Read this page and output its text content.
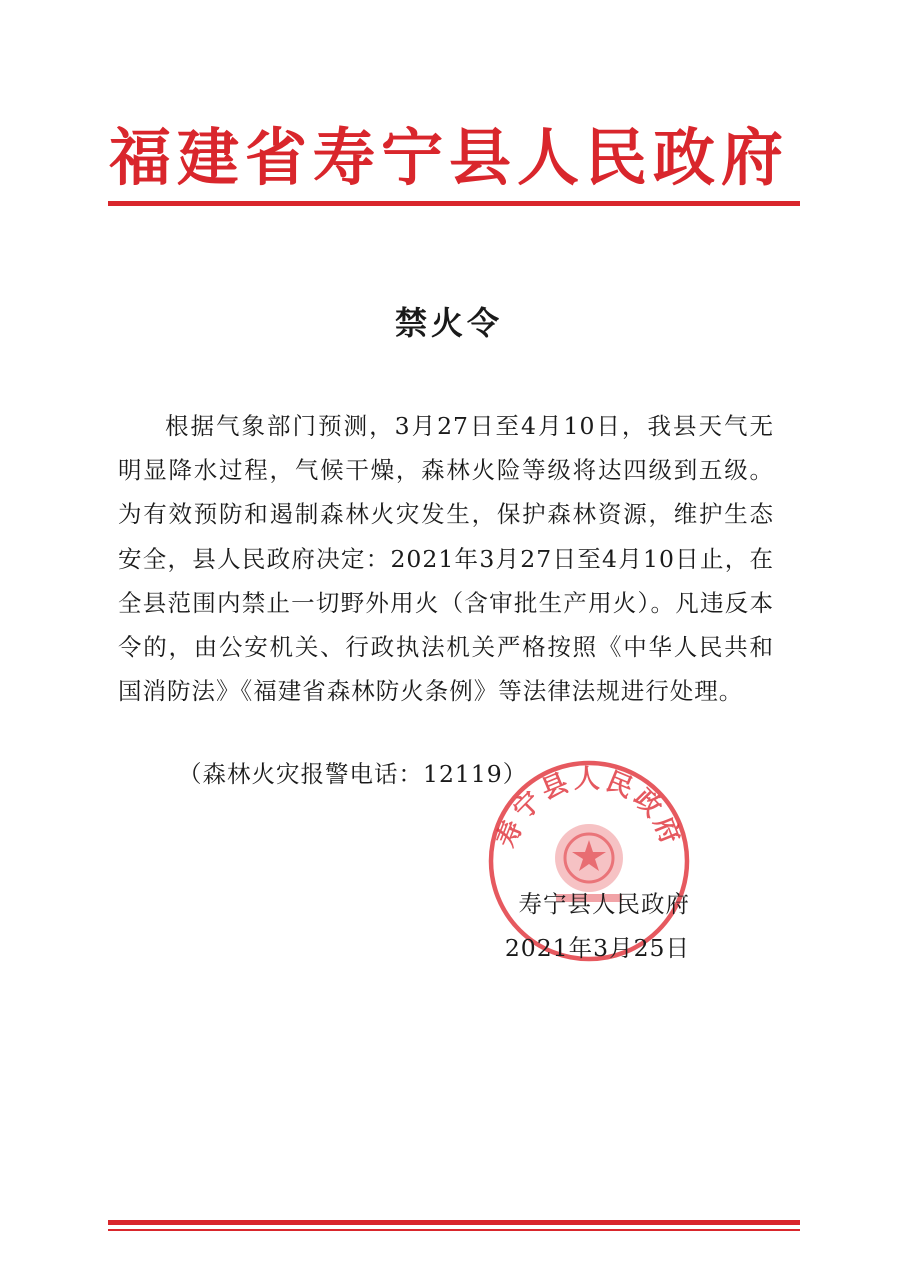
福建省寿宁县人民政府
禁火令

根据气象部门预测，3月27日至4月10日，我县天气无明显降水过程，气候干燥，森林火险等级将达四级到五级。为有效预防和遏制森林火灾发生，保护森林资源，维护生态安全，县人民政府决定：2021年3月27日至4月10日止，在全县范围内禁止一切野外用火（含审批生产用火）。凡违反本令的，由公安机关、行政执法机关严格按照《中华人民共和国消防法》《福建省森林防火条例》等法律法规进行处理。

（森林火灾报警电话：12119）
寿宁县人民政府
寿宁县人民政府
2021年3月25日
